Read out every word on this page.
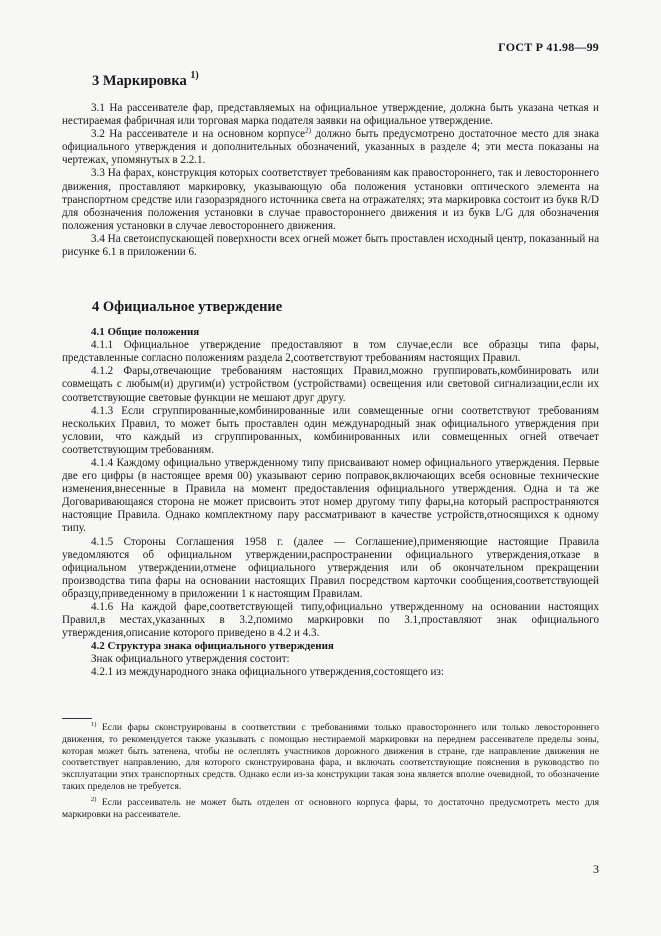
ГОСТ Р 41.98—99
3 Маркировка $^{1)}$

3.1 На рассеивателе фар, представляемых на официальное утверждение, должна быть указана четкая и нестираемая фабричная или торговая марка подателя заявки на официальное утверждение.

3.2 На рассеивателе и на основном корпусе$^{2)}$ должно быть предусмотрено достаточное место для знака официального утверждения и дополнительных обозначений, указанных в разделе 4; эти места показаны на чертежах, упомянутых в 2.2.1.

3.3 На фарах, конструкция которых соответствует требованиям как правостороннего, так и левостороннего движения, проставляют маркировку, указывающую оба положения установки оптического элемента на транспортном средстве или газоразрядного источника света на отражателях; эта маркировка состоит из букв R/D для обозначения положения установки в случае правостороннего движения и из букв L/G для обозначения положения установки в случае левостороннего движения.

3.4 На светоиспускающей поверхности всех огней может быть проставлен исходный центр, показанный на рисунке 6.1 в приложении 6.

4 Официальное утверждение
4.1 Общие положения

4.1.1 Официальное утверждение предоставляют в том случае,если все образцы типа фары, представленные согласно положениям раздела 2,соответствуют требованиям настоящих Правил.

4.1.2 Фары,отвечающие требованиям настоящих Правил,можно группировать,комбинировать или совмещать с любым(и) другим(и) устройством (устройствами) освещения или световой сигнализации,если их соответствующие световые функции не мешают друг другу.

4.1.3 Если сгруппированные,комбинированные или совмещенные огни соответствуют требованиям нескольких Правил, то может быть проставлен один международный знак официального утверждения при условии, что каждый из сгруппированных, комбинированных или совмещенных огней отвечает соответствующим требованиям.

4.1.4 Каждому официально утвержденному типу присваивают номер официального утверждения. Первые две его цифры (в настоящее время 00) указывают серию поправок,включающих всебя основные технические изменения,внесенные в Правила на момент предоставления официального утверждения. Одна и та же Договаривающаяся сторона не может присвоить этот номер другому типу фары,на который распространяются настоящие Правила. Однако комплектному пару рассматривают в качестве устройств,относящихся к одному типу.

4.1.5 Стороны Соглашения 1958 г. (далее — Соглашение),применяющие настоящие Правила уведомляются об официальном утверждении,распространении официального утверждения,отказе в официальном утверждении,отмене официального утверждения или об окончательном прекращении производства типа фары на основании настоящих Правил посредством карточки сообщения,соответствующей образцу,приведенному в приложении 1 к настоящим Правилам.

4.1.6 На каждой фаре,соответствующей типу,официально утвержденному на основании настоящих Правил,в местах,указанных в 3.2,помимо маркировки по 3.1,проставляют знак официального утверждения,описание которого приведено в 4.2 и 4.3.

4.2 Структура знака официального утверждения

Знак официального утверждения состоит:

4.2.1 из международного знака официального утверждения,состоящего из:

$^{1)}$ Если фары сконструированы в соответствии с требованиями только правостороннего или только левостороннего движения, то рекомендуется также указывать с помощью нестираемой маркировки на переднем рассеивателе пределы зоны, которая может быть затенена, чтобы не ослеплять участников дорожного движения в стране, где направление движения не соответствует направлению, для которого сконструирована фара, и включать соответствующие пояснения в руководство по эксплуатации этих транспортных средств. Однако если из-за конструкции такая зона является вполне очевидной, то обозначение таких пределов не требуется.

$^{2)}$ Если рассеиватель не может быть отделен от основного корпуса фары, то достаточно предусмотреть место для маркировки на рассеивателе.

3
